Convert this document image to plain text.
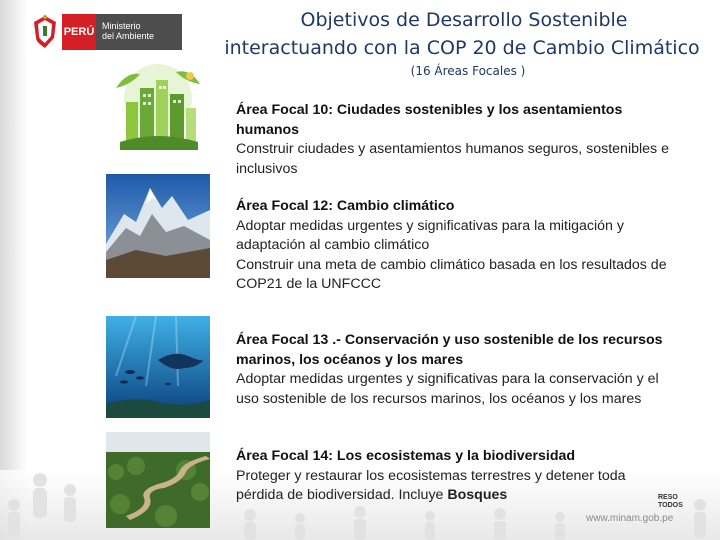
PERÚ Ministerio
del Ambiente
Objetivos de Desarrollo Sostenible
interactuando con la COP 20 de Cambio Climático
(16 Áreas Focales )
Área Focal 10: Ciudades sostenibles y los asentamientos humanos
Construir ciudades y asentamientos humanos seguros, sostenibles e inclusivos
Área Focal 12: Cambio climático
Adoptar medidas urgentes y significativas para la mitigación y adaptación al cambio climático
Construir una meta de cambio climático basada en los resultados de COP21 de la UNFCCC
Área Focal 13 .- Conservación y uso sostenible de los recursos marinos, los océanos y los mares
Adoptar medidas urgentes y significativas para la conservación y el uso sostenible de los recursos marinos, los océanos y los mares
Área Focal 14: Los ecosistemas y la biodiversidad
Proteger y restaurar los ecosistemas terrestres y detener toda pérdida de biodiversidad. Incluye Bosques	RESO
TODOS
www.minam.gob.pe
